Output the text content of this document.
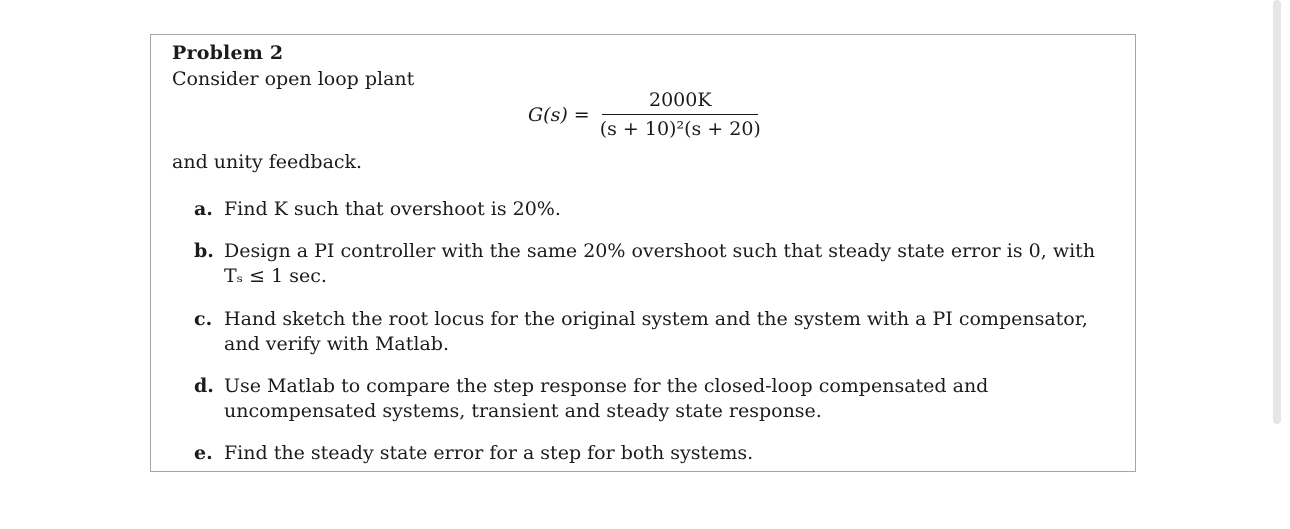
Problem 2
Consider open loop plant
$G(s) = \frac{2000K}{\text{(s + 10)²(s + 20)}}$
and unity feedback.
a. Find K such that overshoot is 20%.
b. Design a PI controller with the same 20% overshoot such that steady state error is 0, with Tₛ ≤ 1 sec.
c. Hand sketch the root locus for the original system and the system with a PI compensator, and verify with Matlab.
d. Use Matlab to compare the step response for the closed-loop compensated and uncompensated systems, transient and steady state response.
e. Find the steady state error for a step for both systems.
